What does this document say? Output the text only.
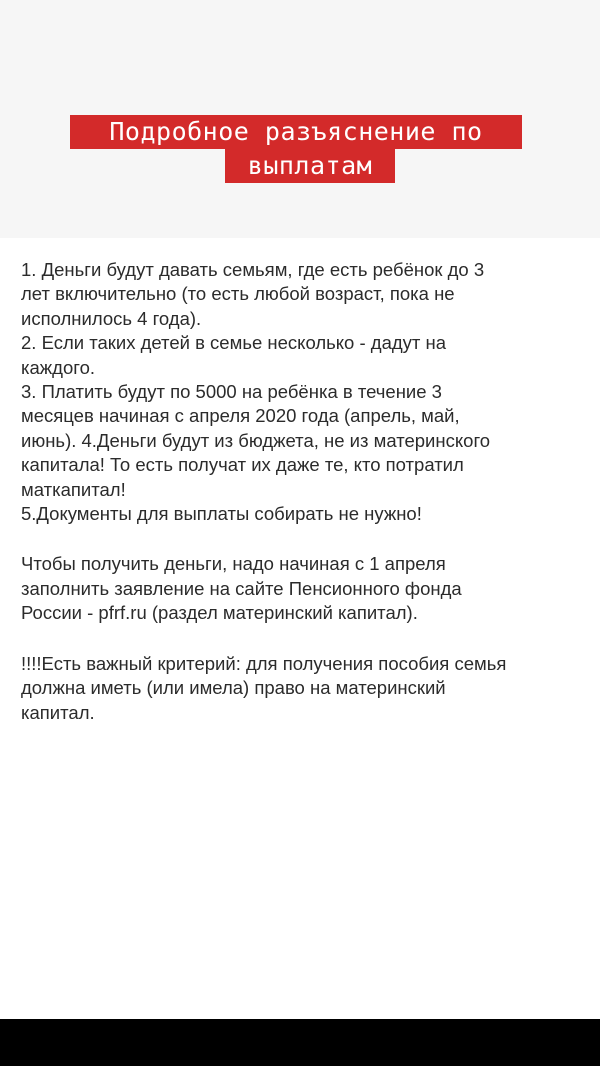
Подробное разъяснение по
выплатам

1. Деньги будут давать семьям, где есть ребёнок до 3
лет включительно (то есть любой возраст, пока не
исполнилось 4 года).
2. Если таких детей в семье несколько - дадут на
каждого.
3. Платить будут по 5000 на ребёнка в течение 3
месяцев начиная с апреля 2020 года (апрель, май,
июнь). 4.Деньги будут из бюджета, не из материнского
капитала! То есть получат их даже те, кто потратил
маткапитал!
5.Документы для выплаты собирать не нужно!

Чтобы получить деньги, надо начиная с 1 апреля
заполнить заявление на сайте Пенсионного фонда
России - pfrf.ru (раздел материнский капитал).

!!!!Есть важный критерий: для получения пособия семья
должна иметь (или имела) право на материнский
капитал.
